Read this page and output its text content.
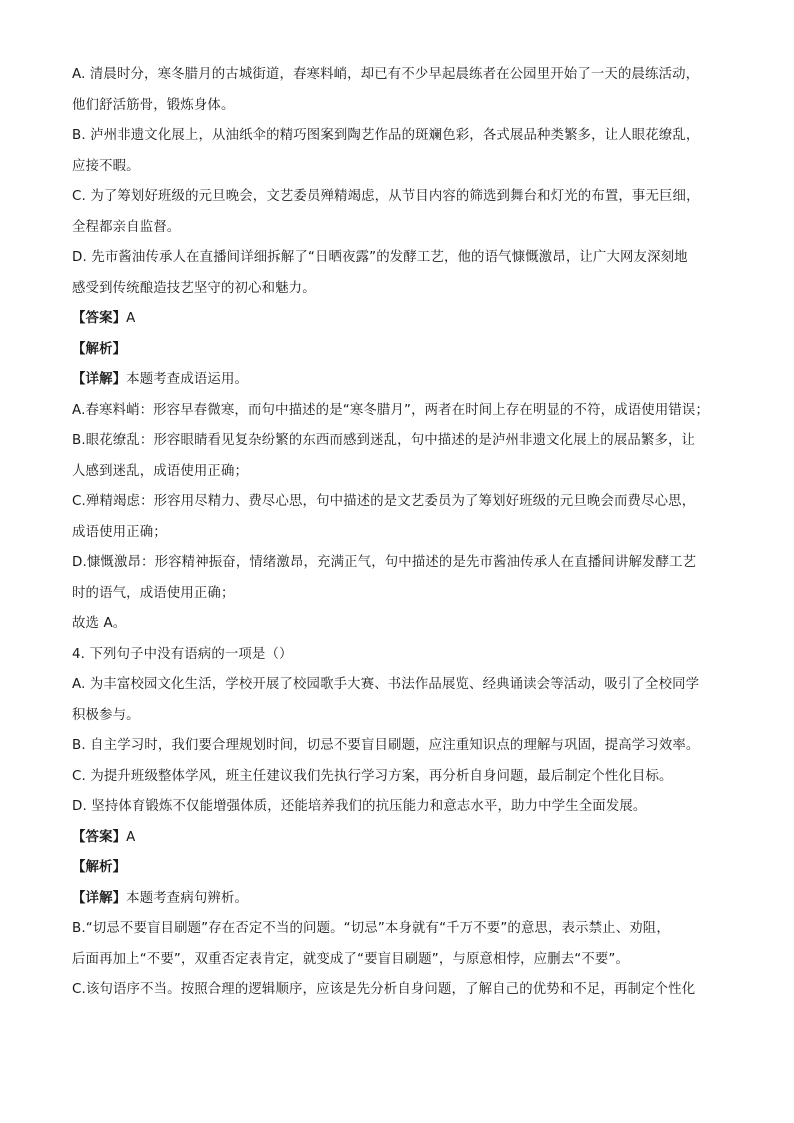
A. 清晨时分，寒冬腊月的古城街道，春寒料峭，却已有不少早起晨练者在公园里开始了一天的晨练活动，
他们舒活筋骨，锻炼身体。
B. 泸州非遗文化展上，从油纸伞的精巧图案到陶艺作品的斑斓色彩，各式展品种类繁多，让人眼花缭乱，
应接不暇。
C. 为了筹划好班级的元旦晚会，文艺委员殚精竭虑，从节目内容的筛选到舞台和灯光的布置，事无巨细，
全程都亲自监督。
D. 先市酱油传承人在直播间详细拆解了“日晒夜露”的发酵工艺，他的语气慷慨激昂，让广大网友深刻地
感受到传统酿造技艺坚守的初心和魅力。
【答案】A
【解析】
【详解】本题考查成语运用。
A.春寒料峭：形容早春微寒，而句中描述的是“寒冬腊月”，两者在时间上存在明显的不符，成语使用错误；
B.眼花缭乱：形容眼睛看见复杂纷繁的东西而感到迷乱，句中描述的是泸州非遗文化展上的展品繁多，让
人感到迷乱，成语使用正确；
C.殚精竭虑：形容用尽精力、费尽心思，句中描述的是文艺委员为了筹划好班级的元旦晚会而费尽心思，
成语使用正确；
D.慷慨激昂：形容精神振奋，情绪激昂，充满正气，句中描述的是先市酱油传承人在直播间讲解发酵工艺
时的语气，成语使用正确；
故选 A。
4. 下列句子中没有语病的一项是（）
A. 为丰富校园文化生活，学校开展了校园歌手大赛、书法作品展览、经典诵读会等活动，吸引了全校同学
积极参与。
B. 自主学习时，我们要合理规划时间，切忌不要盲目刷题，应注重知识点的理解与巩固，提高学习效率。
C. 为提升班级整体学风，班主任建议我们先执行学习方案，再分析自身问题，最后制定个性化目标。
D. 坚持体育锻炼不仅能增强体质，还能培养我们的抗压能力和意志水平，助力中学生全面发展。
【答案】A
【解析】
【详解】本题考查病句辨析。
B.“切忌不要盲目刷题”存在否定不当的问题。“切忌”本身就有“千万不要”的意思，表示禁止、劝阻，
后面再加上“不要”，双重否定表肯定，就变成了“要盲目刷题”，与原意相悖，应删去“不要”。
C.该句语序不当。按照合理的逻辑顺序，应该是先分析自身问题，了解自己的优势和不足，再制定个性化
